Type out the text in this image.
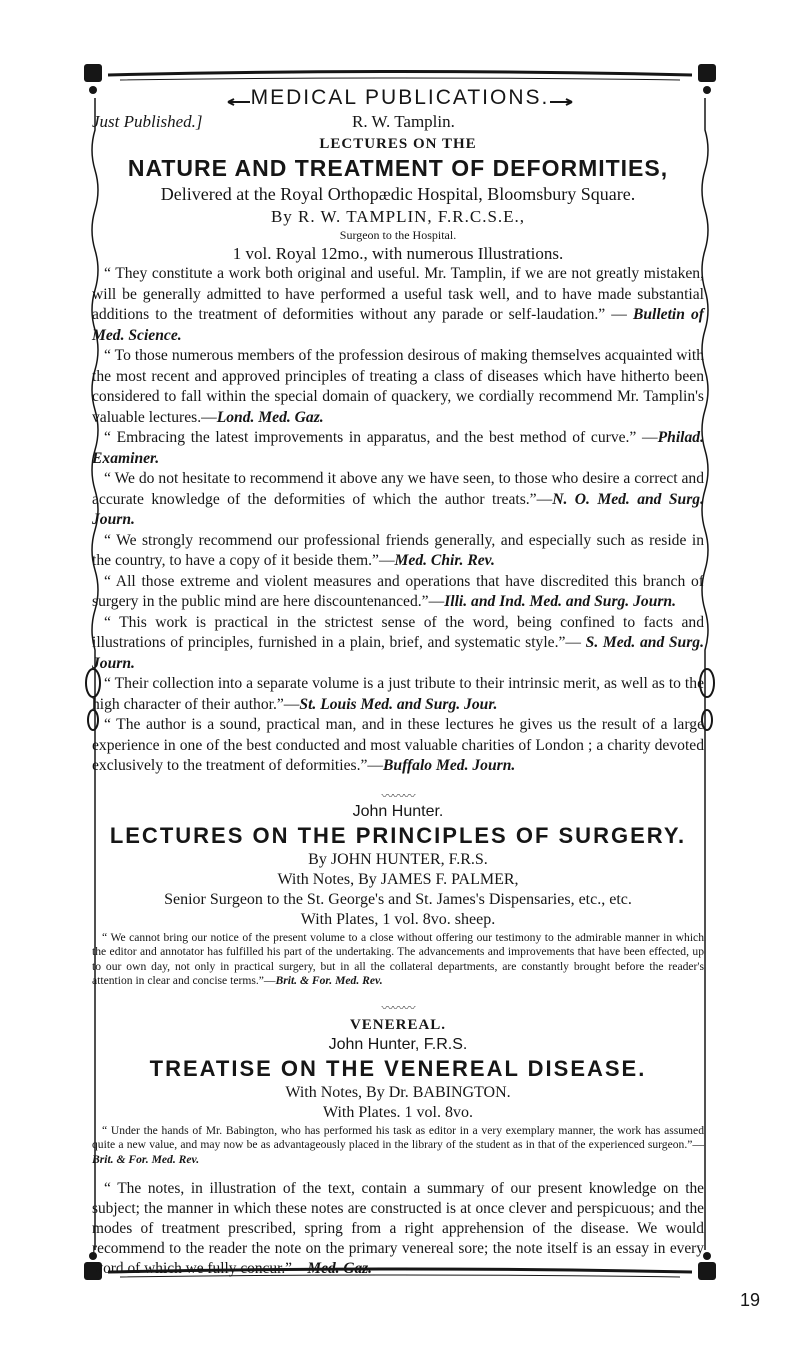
MEDICAL PUBLICATIONS.
Just Published.]	R. W. Tamplin.
LECTURES ON THE
NATURE AND TREATMENT OF DEFORMITIES,
Delivered at the Royal Orthopædic Hospital, Bloomsbury Square.
By R. W. TAMPLIN, F.R.C.S.E.,
Surgeon to the Hospital.
1 vol. Royal 12mo., with numerous Illustrations.

“ They constitute a work both original and useful. Mr. Tamplin, if we are not greatly mistaken, will be generally admitted to have performed a useful task well, and to have made substantial additions to the treatment of deformities without any parade or self-laudation.” — Bulletin of Med. Science.

“ To those numerous members of the profession desirous of making themselves acquainted with the most recent and approved principles of treating a class of diseases which have hitherto been considered to fall within the special domain of quackery, we cordially recommend Mr. Tamplin's valuable lectures.—Lond. Med. Gaz.

“ Embracing the latest improvements in apparatus, and the best method of curve.” —Philad. Examiner.

“ We do not hesitate to recommend it above any we have seen, to those who desire a correct and accurate knowledge of the deformities of which the author treats.”—N. O. Med. and Surg. Journ.

“ We strongly recommend our professional friends generally, and especially such as reside in the country, to have a copy of it beside them.”—Med. Chir. Rev.

“ All those extreme and violent measures and operations that have discredited this branch of surgery in the public mind are here discountenanced.”—Illi. and Ind. Med. and Surg. Journ.

“ This work is practical in the strictest sense of the word, being confined to facts and illustrations of principles, furnished in a plain, brief, and systematic style.”— S. Med. and Surg. Journ.

“ Their collection into a separate volume is a just tribute to their intrinsic merit, as well as to the high character of their author.”—St. Louis Med. and Surg. Jour.

“ The author is a sound, practical man, and in these lectures he gives us the result of a large experience in one of the best conducted and most valuable charities of London ; a charity devoted exclusively to the treatment of deformities.”—Buffalo Med. Journ.

〰〰〰
John Hunter.
LECTURES ON THE PRINCIPLES OF SURGERY.
By JOHN HUNTER, F.R.S.
With Notes, By JAMES F. PALMER,
Senior Surgeon to the St. George's and St. James's Dispensaries, etc., etc.
With Plates, 1 vol. 8vo. sheep.

“ We cannot bring our notice of the present volume to a close without offering our testimony to the admirable manner in which the editor and annotator has fulfilled his part of the undertaking. The advancements and improvements that have been effected, up to our own day, not only in practical surgery, but in all the collateral departments, are constantly brought before the reader's attention in clear and concise terms.”—Brit. & For. Med. Rev.

〰〰〰
VENEREAL.
John Hunter, F.R.S.
TREATISE ON THE VENEREAL DISEASE.
With Notes, By Dr. BABINGTON.
With Plates. 1 vol. 8vo.

“ Under the hands of Mr. Babington, who has performed his task as editor in a very exemplary manner, the work has assumed quite a new value, and may now be as advantageously placed in the library of the student as in that of the experienced surgeon.”—Brit. & For. Med. Rev.

“ The notes, in illustration of the text, contain a summary of our present knowledge on the subject; the manner in which these notes are constructed is at once clever and perspicuous; and the modes of treatment prescribed, spring from a right apprehension of the disease. We would recommend to the reader the note on the primary venereal sore; the note itself is an essay in every word of which we fully concur.”—Med. Gaz.

19
